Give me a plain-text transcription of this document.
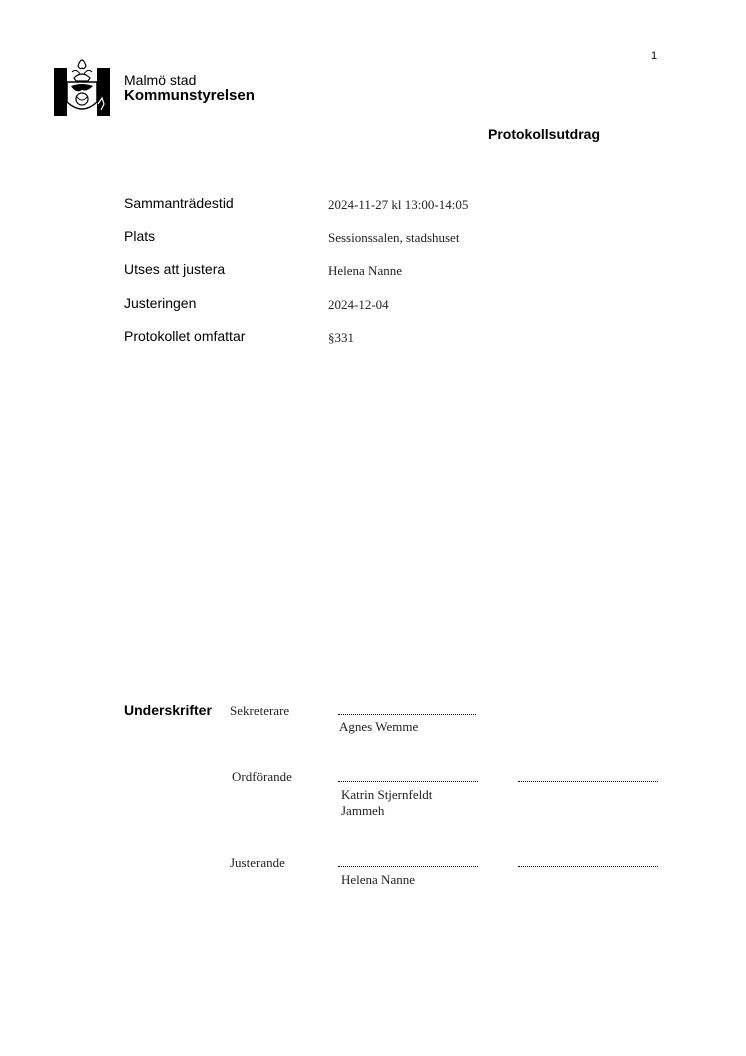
1
Malmö stad
Kommunstyrelsen
Protokollsutdrag
Sammanträdestid	2024-11-27 kl 13:00-14:05
Plats	Sessionssalen, stadshuset
Utses att justera	Helena Nanne
Justeringen	2024-12-04
Protokollet omfattar	§331
Underskrifter Sekreterare
Agnes Wemme
Ordförande
Katrin Stjernfeldt
Jammeh
Justerande
Helena Nanne
